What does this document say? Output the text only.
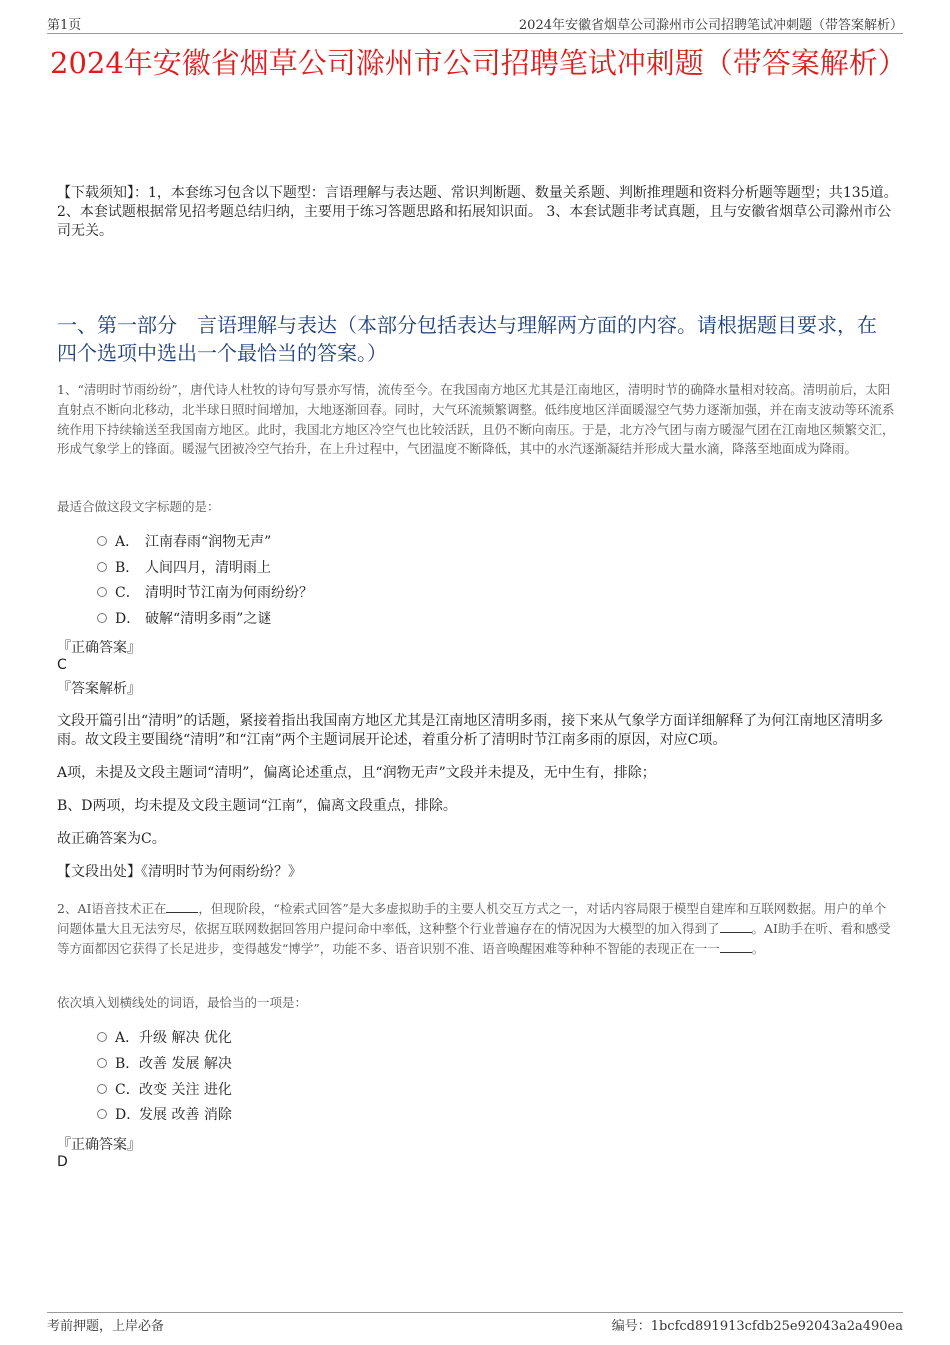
第1页	2024年安徽省烟草公司滁州市公司招聘笔试冲刺题（带答案解析）
2024年安徽省烟草公司滁州市公司招聘笔试冲刺题（带答案解析）
【下载须知】：1，本套练习包含以下题型：言语理解与表达题、常识判断题、数量关系题、判断推理题和资料分析题等题型；共135道。 2、本套试题根据常见招考题总结归纳，主要用于练习答题思路和拓展知识面。 3、本套试题非考试真题，且与安徽省烟草公司滁州市公司无关。
一、第一部分　言语理解与表达（本部分包括表达与理解两方面的内容。请根据题目要求，在四个选项中选出一个最恰当的答案。）
1、“清明时节雨纷纷”，唐代诗人杜牧的诗句写景亦写情，流传至今。在我国南方地区尤其是江南地区，清明时节的确降水量相对较高。清明前后，太阳直射点不断向北移动，北半球日照时间增加，大地逐渐回春。同时，大气环流频繁调整。低纬度地区洋面暖湿空气势力逐渐加强，并在南支波动等环流系统作用下持续输送至我国南方地区。此时，我国北方地区冷空气也比较活跃，且仍不断向南压。于是，北方冷气团与南方暖湿气团在江南地区频繁交汇，形成气象学上的锋面。暖湿气团被冷空气抬升，在上升过程中，气团温度不断降低，其中的水汽逐渐凝结并形成大量水滴，降落至地面成为降雨。
最适合做这段文字标题的是：
A． 江南春雨“润物无声”
B． 人间四月，清明雨上
C． 清明时节江南为何雨纷纷？
D． 破解“清明多雨”之谜
『正确答案』
C
『答案解析』
文段开篇引出“清明”的话题，紧接着指出我国南方地区尤其是江南地区清明多雨，接下来从气象学方面详细解释了为何江南地区清明多雨。故文段主要围绕“清明”和“江南”两个主题词展开论述，着重分析了清明时节江南多雨的原因，对应C项。
A项，未提及文段主题词“清明”，偏离论述重点，且“润物无声”文段并未提及，无中生有，排除；
B、D两项，均未提及文段主题词“江南”，偏离文段重点，排除。
故正确答案为C。
【文段出处】《清明时节为何雨纷纷？》
2、AI语音技术正在	，但现阶段，“检索式回答”是大多虚拟助手的主要人机交互方式之一，对话内容局限于模型自建库和互联网数据。用户的单个问题体量大且无法穷尽，依据互联网数据回答用户提问命中率低，这种整个行业普遍存在的情况因为大模型的加入得到了	。AI助手在听、看和感受等方面都因它获得了长足进步，变得越发“博学”，功能不多、语音识别不准、语音唤醒困难等种种不智能的表现正在一一	。
依次填入划横线处的词语，最恰当的一项是：
A．升级 解决 优化
B．改善 发展 解决
C．改变 关注 进化
D．发展 改善 消除
『正确答案』
D
考前押题，上岸必备	编号：1bcfcd891913cfdb25e92043a2a490ea
